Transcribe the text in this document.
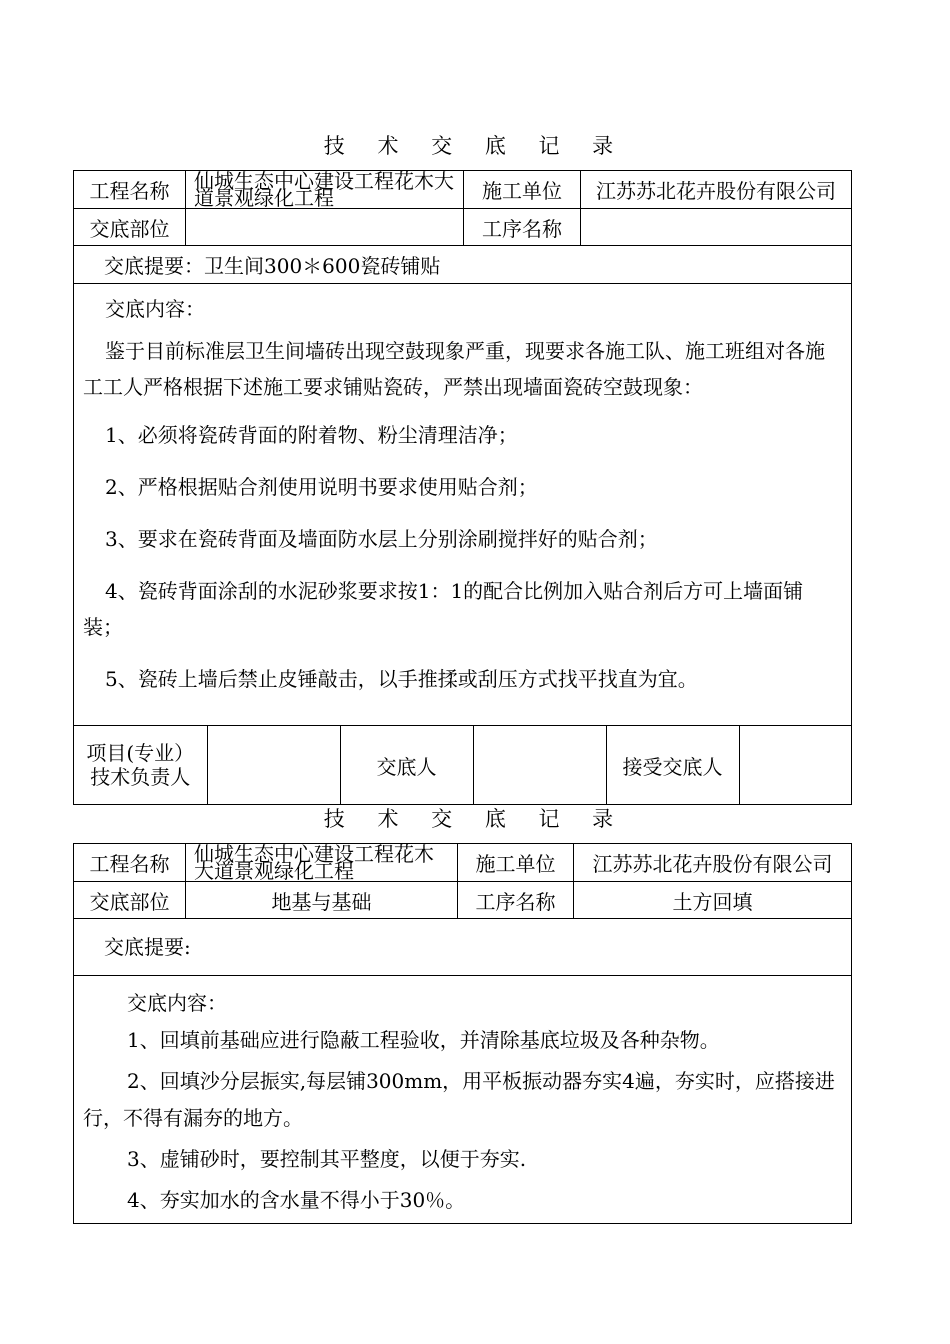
技 术 交 底 记 录
工程名称	仙城生态中心建设工程花木大道景观绿化工程	施工单位	江苏苏北花卉股份有限公司
交底部位		工序名称	
交底提要：卫生间300＊600瓷砖铺贴

交底内容：

鉴于目前标准层卫生间墙砖出现空鼓现象严重，现要求各施工队、施工班组对各施工工人严格根据下述施工要求铺贴瓷砖，严禁出现墙面瓷砖空鼓现象：

1、必须将瓷砖背面的附着物、粉尘清理洁净；

2、严格根据贴合剂使用说明书要求使用贴合剂；

3、要求在瓷砖背面及墙面防水层上分别涂刷搅拌好的贴合剂；

4、瓷砖背面涂刮的水泥砂浆要求按1：1的配合比例加入贴合剂后方可上墙面铺装；

5、瓷砖上墙后禁止皮锤敲击，以手推揉或刮压方式找平找直为宜。

项目(专业）技术负责人		交底人		接受交底人	
技 术 交 底 记 录
工程名称	仙城生态中心建设工程花木大道景观绿化工程	施工单位	江苏苏北花卉股份有限公司
交底部位	地基与基础	工序名称	土方回填
交底提要:			

交底内容：

1、回填前基础应进行隐蔽工程验收，并清除基底垃圾及各种杂物。

2、回填沙分层振实,每层铺300mm，用平板振动器夯实4遍，夯实时，应搭接进行，不得有漏夯的地方。

3、虚铺砂时，要控制其平整度，以便于夯实.

4、夯实加水的含水量不得小于30％。			
